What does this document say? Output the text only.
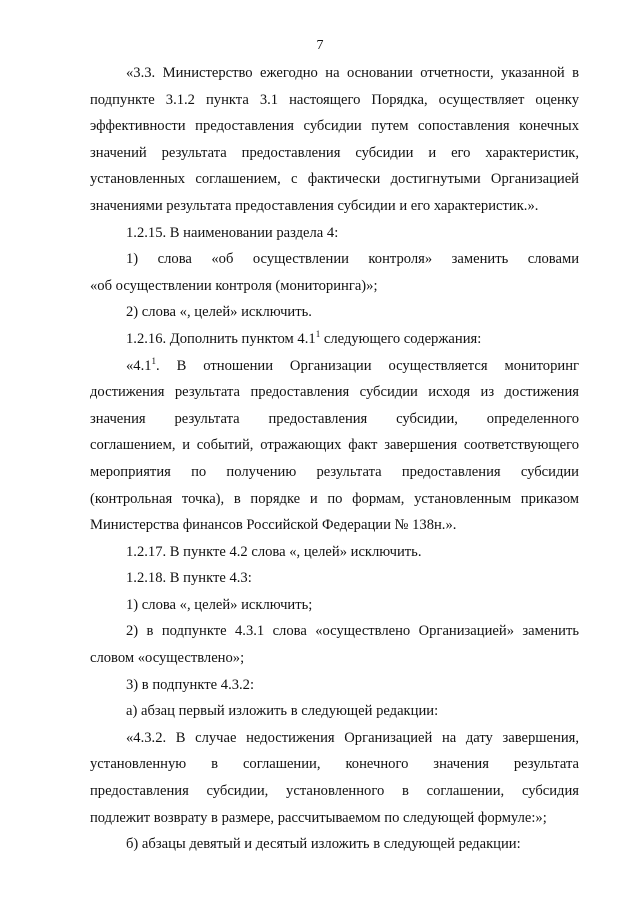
7
«3.3. Министерство ежегодно на основании отчетности, указанной в
подпункте 3.1.2 пункта 3.1 настоящего Порядка, осуществляет оценку
эффективности предоставления субсидии путем сопоставления конечных
значений результата предоставления субсидии и его характеристик,
установленных соглашением, с фактически достигнутыми Организацией
значениями результата предоставления субсидии и его характеристик.».
1.2.15. В наименовании раздела 4:
1) слова «об осуществлении контроля» заменить словами
«об осуществлении контроля (мониторинга)»;
2) слова «, целей» исключить.
1.2.16. Дополнить пунктом $4.1^1$ следующего содержания:
«$4.1^1$. В отношении Организации осуществляется мониторинг
достижения результата предоставления субсидии исходя из достижения
значения результата предоставления субсидии, определенного
соглашением, и событий, отражающих факт завершения соответствующего
мероприятия по получению результата предоставления субсидии
(контрольная точка), в порядке и по формам, установленным приказом
Министерства финансов Российской Федерации № 138н.».
1.2.17. В пункте 4.2 слова «, целей» исключить.
1.2.18. В пункте 4.3:
1) слова «, целей» исключить;
2) в подпункте 4.3.1 слова «осуществлено Организацией» заменить
словом «осуществлено»;
3) в подпункте 4.3.2:
а) абзац первый изложить в следующей редакции:
«4.3.2. В случае недостижения Организацией на дату завершения,
установленную в соглашении, конечного значения результата
предоставления субсидии, установленного в соглашении, субсидия
подлежит возврату в размере, рассчитываемом по следующей формуле:»;
б) абзацы девятый и десятый изложить в следующей редакции:
